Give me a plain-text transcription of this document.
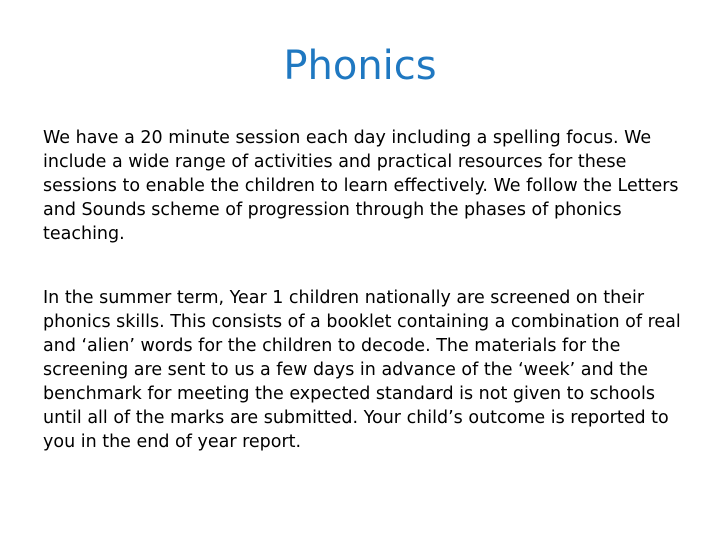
Phonics

We have a 20 minute session each day including a spelling focus. We include a wide range of activities and practical resources for these sessions to enable the children to learn effectively. We follow the Letters and Sounds scheme of progression through the phases of phonics teaching.

In the summer term, Year 1 children nationally are screened on their phonics skills. This consists of a booklet containing a combination of real and ‘alien’ words for the children to decode. The materials for the screening are sent to us a few days in advance of the ‘week’ and the benchmark for meeting the expected standard is not given to schools until all of the marks are submitted. Your child’s outcome is reported to you in the end of year report.
